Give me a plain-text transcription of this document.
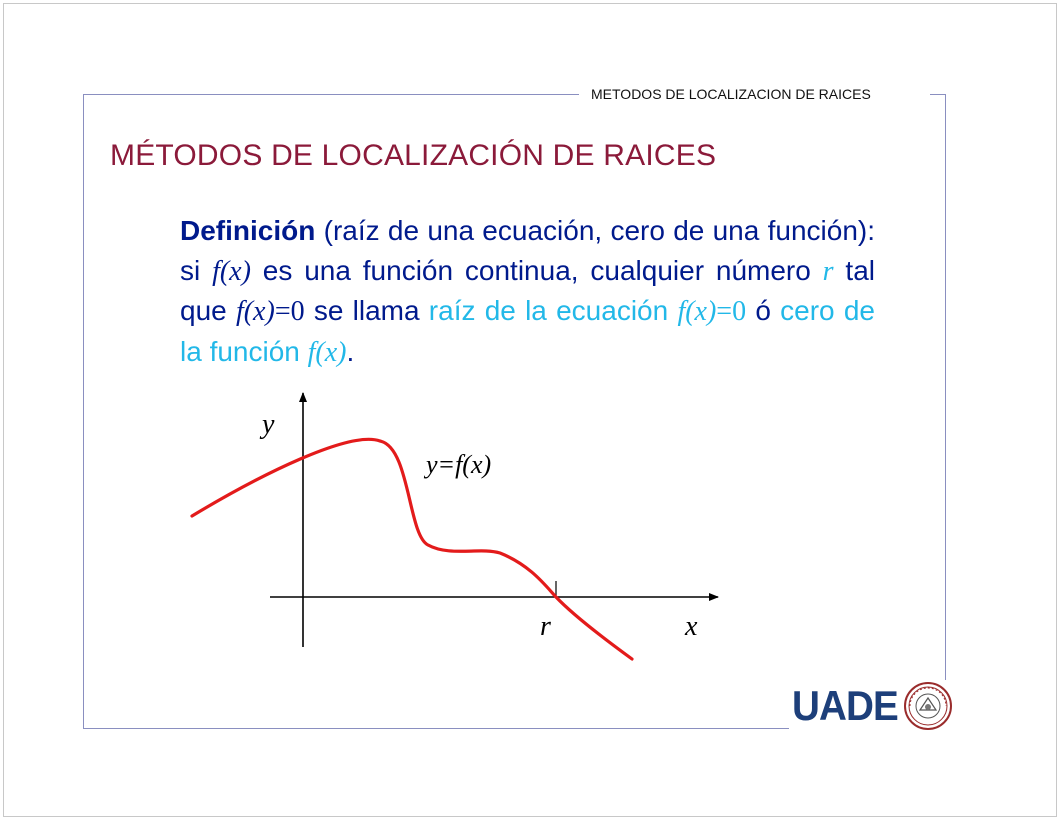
METODOS DE LOCALIZACION DE RAICES
MÉTODOS DE LOCALIZACIÓN DE RAICES
Definición (raíz de una ecuación, cero de una función): si f(x) es una función continua, cualquier número r tal que f(x)=0 se llama raíz de la ecuación f(x)=0 ó cero de la función f(x).
y
x
r
y=f(x)
UADE
